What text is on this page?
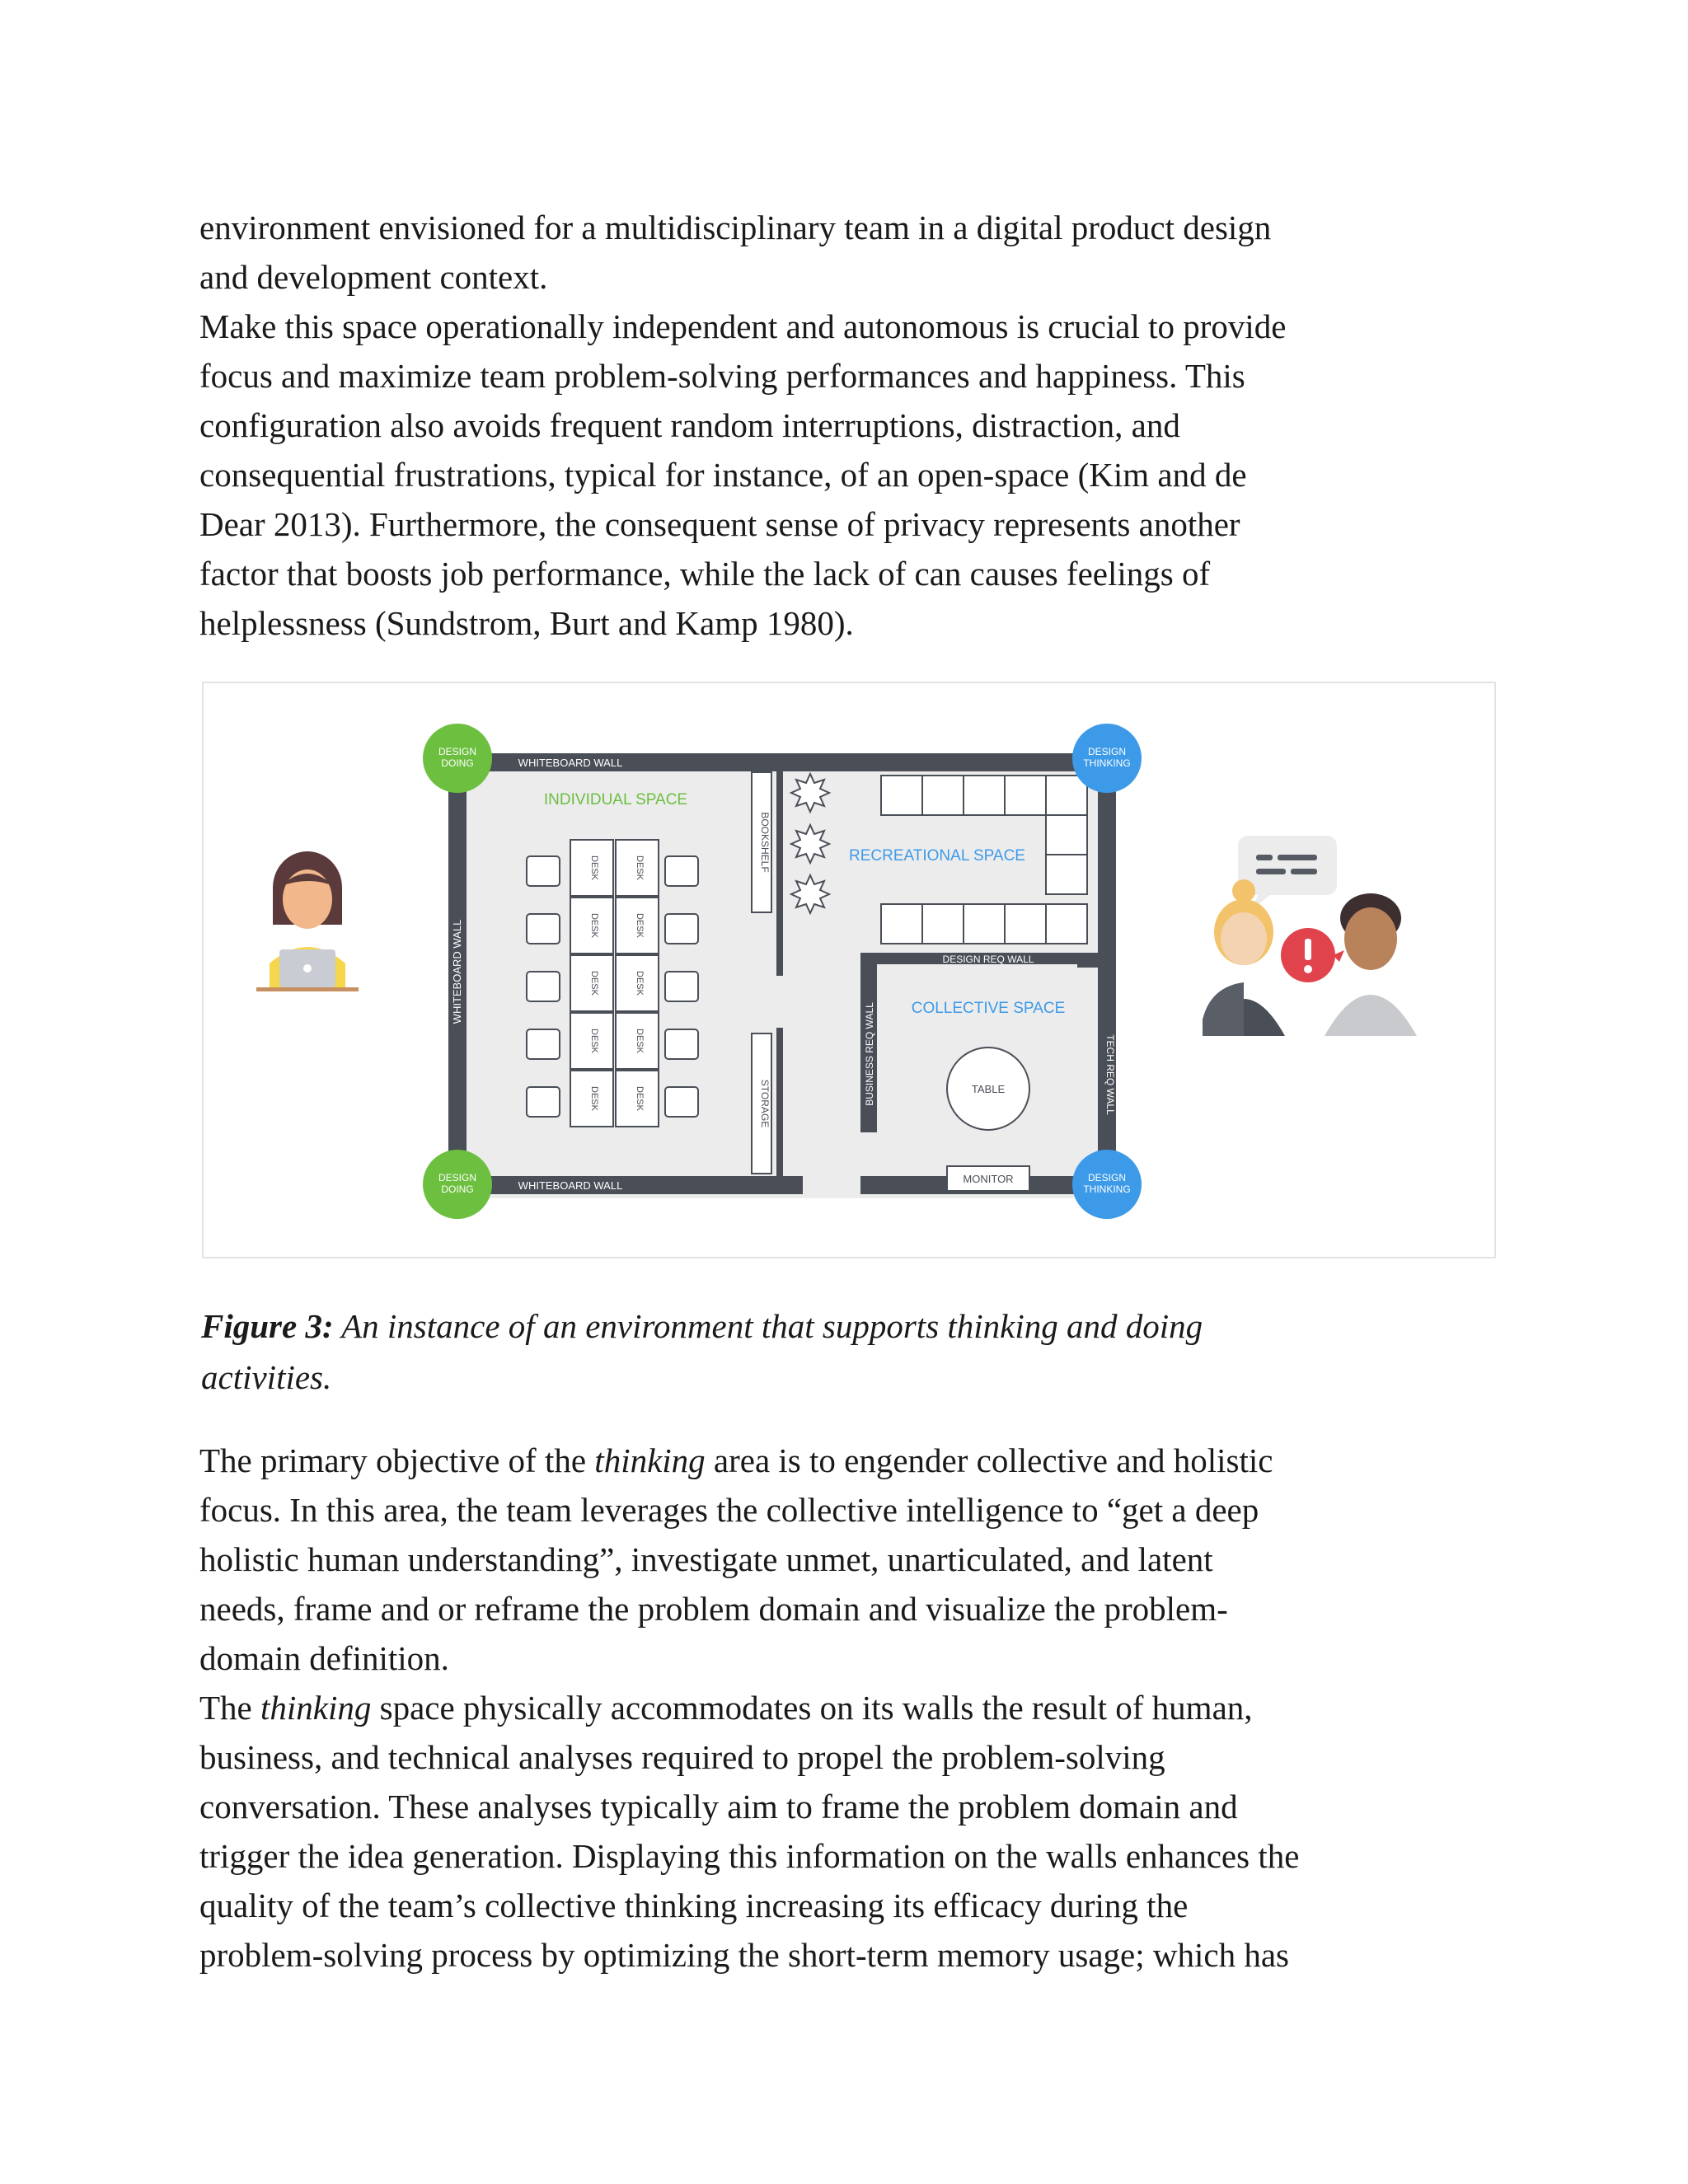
environment envisioned for a multidisciplinary team in a digital product design
and development context.
Make this space operationally independent and autonomous is crucial to provide
focus and maximize team problem-solving performances and happiness. This
configuration also avoids frequent random interruptions, distraction, and
consequential frustrations, typical for instance, of an open-space (Kim and de
Dear 2013). Furthermore, the consequent sense of privacy represents another
factor that boosts job performance, while the lack of can causes feelings of
helplessness (Sundstrom, Burt and Kamp 1980).
WHITEBOARD WALL
WHITEBOARD WALL
WHITEBOARD WALL	DESIGN REQ WALL
BUSINESS REQ WALL	TECH REQ WALL
INDIVIDUAL SPACE
RECREATIONAL SPACE
COLLECTIVE SPACE
BOOKSHELF
STORAGE
DESK	DESK
DESK	DESK
DESK	DESK
DESK	DESK
DESK	DESK	TABLE
MONITOR
DESIGN
DOING
DESIGN
DOING
DESIGN
THINKING
DESIGN
THINKING
Figure 3: An instance of an environment that supports thinking and doing
activities.
The primary objective of the thinking area is to engender collective and holistic
focus. In this area, the team leverages the collective intelligence to “get a deep
holistic human understanding”, investigate unmet, unarticulated, and latent
needs, frame and or reframe the problem domain and visualize the problem-
domain definition.
The thinking space physically accommodates on its walls the result of human,
business, and technical analyses required to propel the problem-solving
conversation. These analyses typically aim to frame the problem domain and
trigger the idea generation. Displaying this information on the walls enhances the
quality of the team’s collective thinking increasing its efficacy during the
problem-solving process by optimizing the short-term memory usage; which has
